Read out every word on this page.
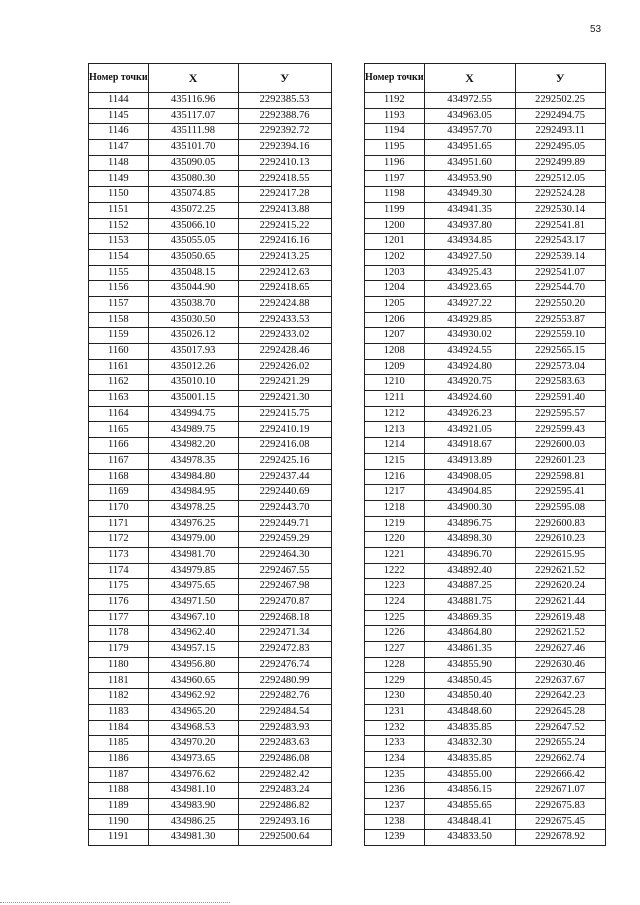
53
Номер точки	Х	У
1144	435116.96	2292385.53
1145	435117.07	2292388.76
1146	435111.98	2292392.72
1147	435101.70	2292394.16
1148	435090.05	2292410.13
1149	435080.30	2292418.55
1150	435074.85	2292417.28
1151	435072.25	2292413.88
1152	435066.10	2292415.22
1153	435055.05	2292416.16
1154	435050.65	2292413.25
1155	435048.15	2292412.63
1156	435044.90	2292418.65
1157	435038.70	2292424.88
1158	435030.50	2292433.53
1159	435026.12	2292433.02
1160	435017.93	2292428.46
1161	435012.26	2292426.02
1162	435010.10	2292421.29
1163	435001.15	2292421.30
1164	434994.75	2292415.75
1165	434989.75	2292410.19
1166	434982.20	2292416.08
1167	434978.35	2292425.16
1168	434984.80	2292437.44
1169	434984.95	2292440.69
1170	434978.25	2292443.70
1171	434976.25	2292449.71
1172	434979.00	2292459.29
1173	434981.70	2292464.30
1174	434979.85	2292467.55
1175	434975.65	2292467.98
1176	434971.50	2292470.87
1177	434967.10	2292468.18
1178	434962.40	2292471.34
1179	434957.15	2292472.83
1180	434956.80	2292476.74
1181	434960.65	2292480.99
1182	434962.92	2292482.76
1183	434965.20	2292484.54
1184	434968.53	2292483.93
1185	434970.20	2292483.63
1186	434973.65	2292486.08
1187	434976.62	2292482.42
1188	434981.10	2292483.24
1189	434983.90	2292486.82
1190	434986.25	2292493.16
1191	434981.30	2292500.64
Номер точки	Х	У
1192	434972.55	2292502.25
1193	434963.05	2292494.75
1194	434957.70	2292493.11
1195	434951.65	2292495.05
1196	434951.60	2292499.89
1197	434953.90	2292512.05
1198	434949.30	2292524.28
1199	434941.35	2292530.14
1200	434937.80	2292541.81
1201	434934.85	2292543.17
1202	434927.50	2292539.14
1203	434925.43	2292541.07
1204	434923.65	2292544.70
1205	434927.22	2292550.20
1206	434929.85	2292553.87
1207	434930.02	2292559.10
1208	434924.55	2292565.15
1209	434924.80	2292573.04
1210	434920.75	2292583.63
1211	434924.60	2292591.40
1212	434926.23	2292595.57
1213	434921.05	2292599.43
1214	434918.67	2292600.03
1215	434913.89	2292601.23
1216	434908.05	2292598.81
1217	434904.85	2292595.41
1218	434900.30	2292595.08
1219	434896.75	2292600.83
1220	434898.30	2292610.23
1221	434896.70	2292615.95
1222	434892.40	2292621.52
1223	434887.25	2292620.24
1224	434881.75	2292621.44
1225	434869.35	2292619.48
1226	434864.80	2292621.52
1227	434861.35	2292627.46
1228	434855.90	2292630.46
1229	434850.45	2292637.67
1230	434850.40	2292642.23
1231	434848.60	2292645.28
1232	434835.85	2292647.52
1233	434832.30	2292655.24
1234	434835.85	2292662.74
1235	434855.00	2292666.42
1236	434856.15	2292671.07
1237	434855.65	2292675.83
1238	434848.41	2292675.45
1239	434833.50	2292678.92
